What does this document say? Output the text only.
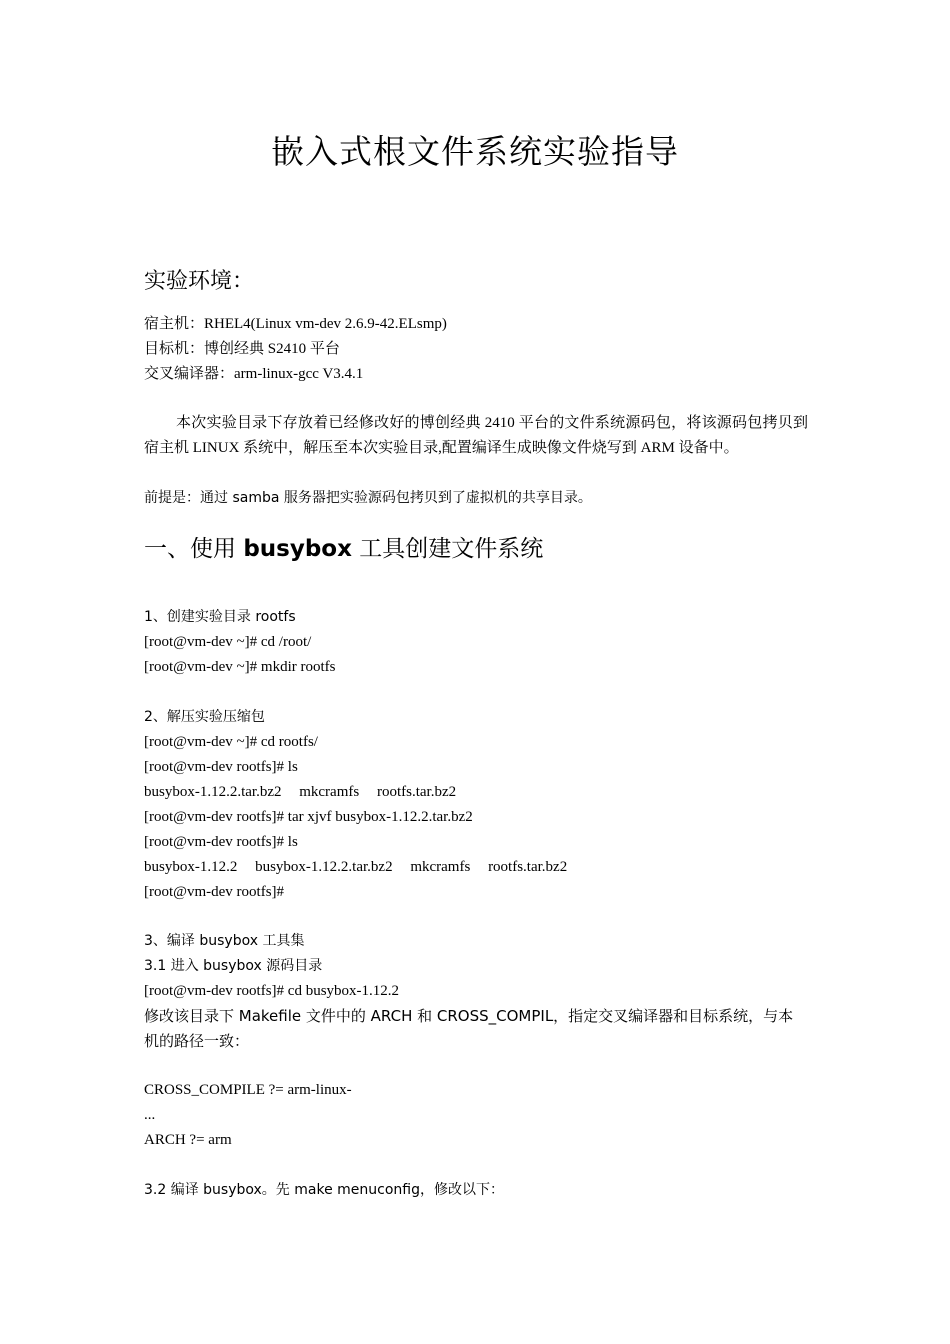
嵌入式根文件系统实验指导
实验环境：
宿主机：RHEL4(Linux vm-dev 2.6.9-42.ELsmp)
目标机：博创经典 S2410 平台
交叉编译器：arm-linux-gcc V3.4.1
本次实验目录下存放着已经修改好的博创经典 2410 平台的文件系统源码包，将该源码包拷贝到宿主机 LINUX 系统中，解压至本次实验目录,配置编译生成映像文件烧写到 ARM 设备中。
前提是：通过 samba 服务器把实验源码包拷贝到了虚拟机的共享目录。
一、使用 busybox 工具创建文件系统
1、创建实验目录 rootfs
[root@vm-dev ~]# cd /root/
[root@vm-dev ~]# mkdir rootfs
2、解压实验压缩包
[root@vm-dev ~]# cd rootfs/
[root@vm-dev rootfs]# ls
busybox-1.12.2.tar.bz2 mkcramfs rootfs.tar.bz2
[root@vm-dev rootfs]# tar xjvf busybox-1.12.2.tar.bz2
[root@vm-dev rootfs]# ls
busybox-1.12.2 busybox-1.12.2.tar.bz2 mkcramfs rootfs.tar.bz2
[root@vm-dev rootfs]#
3、编译 busybox 工具集
3.1 进入 busybox 源码目录
[root@vm-dev rootfs]# cd busybox-1.12.2
修改该目录下 Makefile 文件中的 ARCH 和 CROSS_COMPIL，指定交叉编译器和目标系统，与本机的路径一致：
CROSS_COMPILE ?= arm-linux-
...
ARCH ?= arm
3.2 编译 busybox。先 make menuconfig，修改以下：
